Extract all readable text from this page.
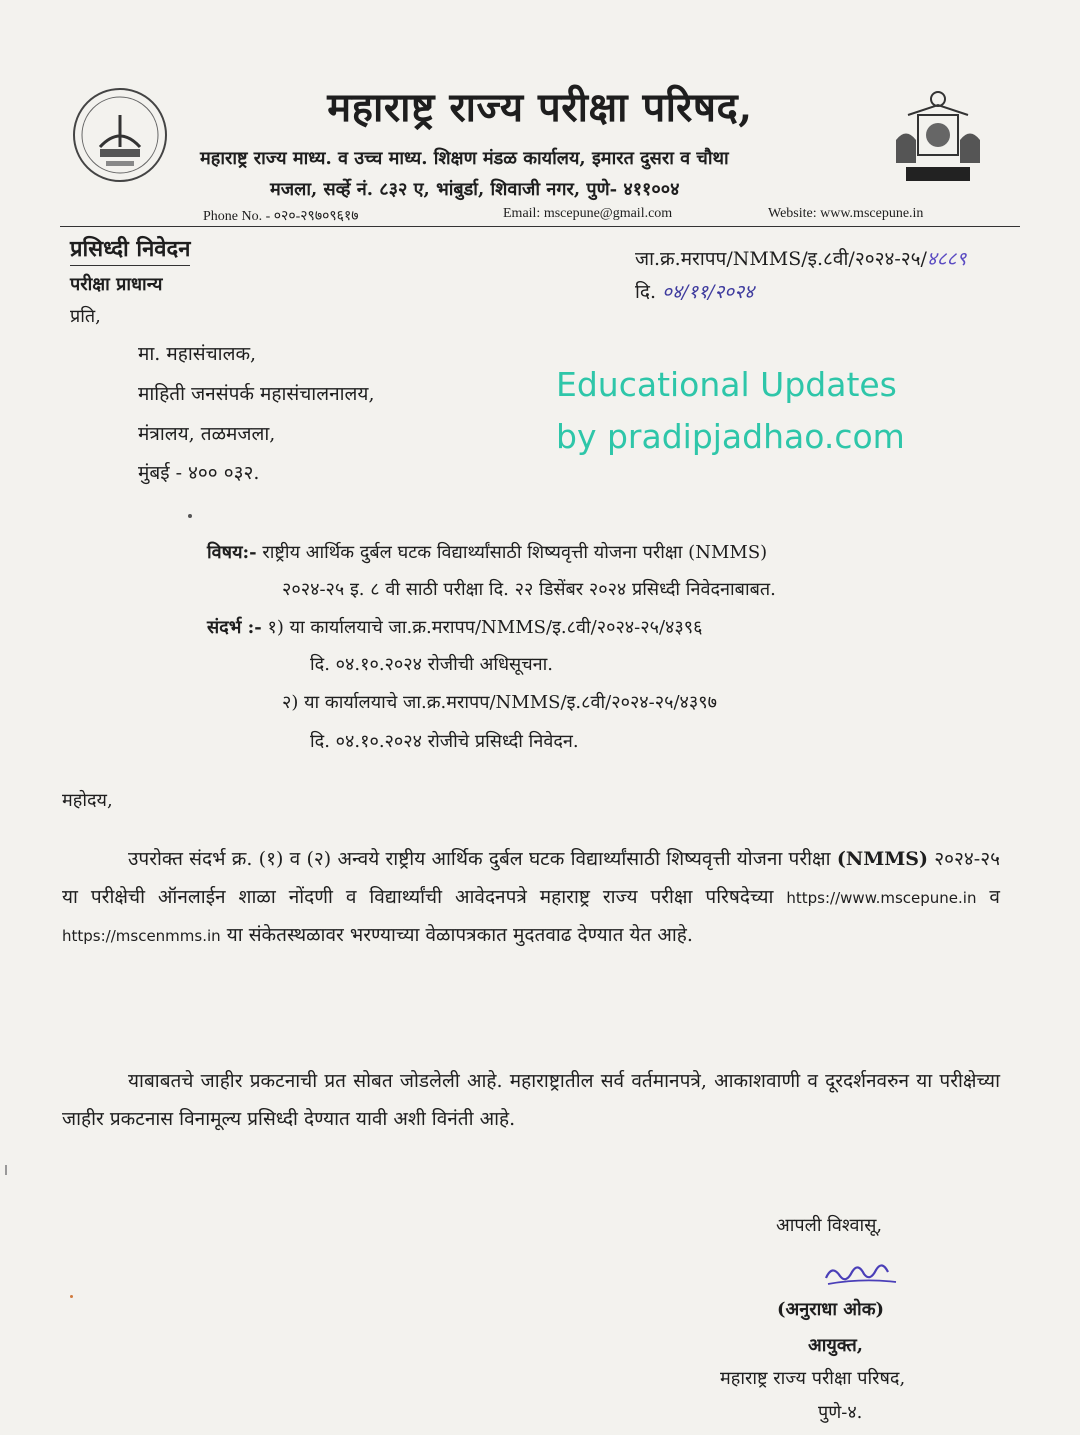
महाराष्ट्र राज्य परीक्षा परिषद,
महाराष्ट्र राज्य माध्य. व उच्च माध्य. शिक्षण मंडळ कार्यालय, इमारत दुसरा व चौथा
मजला, सर्व्हे नं. ८३२ ए, भांबुर्डा, शिवाजी नगर, पुणे- ४११००४
Phone No. - ०२०-२९७०९६१७	Email: mscepune@gmail.com	Website: www.mscepune.in
जा.क्र.मरापप/NMMS/इ.८वी/२०२४-२५/४८८९
दि. ०४/११/२०२४
प्रसिध्दी निवेदन
परीक्षा प्राधान्य
प्रति,
मा. महासंचालक,
माहिती जनसंपर्क महासंचालनालय,
मंत्रालय, तळमजला,
मुंबई - ४०० ०३२.
Educational Updates
by pradipjadhao.com
विषय:- राष्ट्रीय आर्थिक दुर्बल घटक विद्यार्थ्यांसाठी शिष्यवृत्ती योजना परीक्षा (NMMS)
२०२४-२५ इ. ८ वी साठी परीक्षा दि. २२ डिसेंबर २०२४ प्रसिध्दी निवेदनाबाबत.
संदर्भ :- १) या कार्यालयाचे जा.क्र.मरापप/NMMS/इ.८वी/२०२४-२५/४३९६
दि. ०४.१०.२०२४ रोजीची अधिसूचना.
२) या कार्यालयाचे जा.क्र.मरापप/NMMS/इ.८वी/२०२४-२५/४३९७
दि. ०४.१०.२०२४ रोजीचे प्रसिध्दी निवेदन.
महोदय,
उपरोक्त संदर्भ क्र. (१) व (२) अन्वये राष्ट्रीय आर्थिक दुर्बल घटक विद्यार्थ्यांसाठी शिष्यवृत्ती योजना परीक्षा (NMMS) २०२४-२५ या परीक्षेची ऑनलाईन शाळा नोंदणी व विद्यार्थ्यांची आवेदनपत्रे महाराष्ट्र राज्य परीक्षा परिषदेच्या https://www.mscepune.in व https://mscenmms.in या संकेतस्थळावर भरण्याच्या वेळापत्रकात मुदतवाढ देण्यात येत आहे.
याबाबतचे जाहीर प्रकटनाची प्रत सोबत जोडलेली आहे. महाराष्ट्रातील सर्व वर्तमानपत्रे, आकाशवाणी व दूरदर्शनवरुन या परीक्षेच्या जाहीर प्रकटनास विनामूल्य प्रसिध्दी देण्यात यावी अशी विनंती आहे.
आपली विश्वासू,
(अनुराधा ओक)
आयुक्त,
महाराष्ट्र राज्य परीक्षा परिषद,
पुणे-४.
